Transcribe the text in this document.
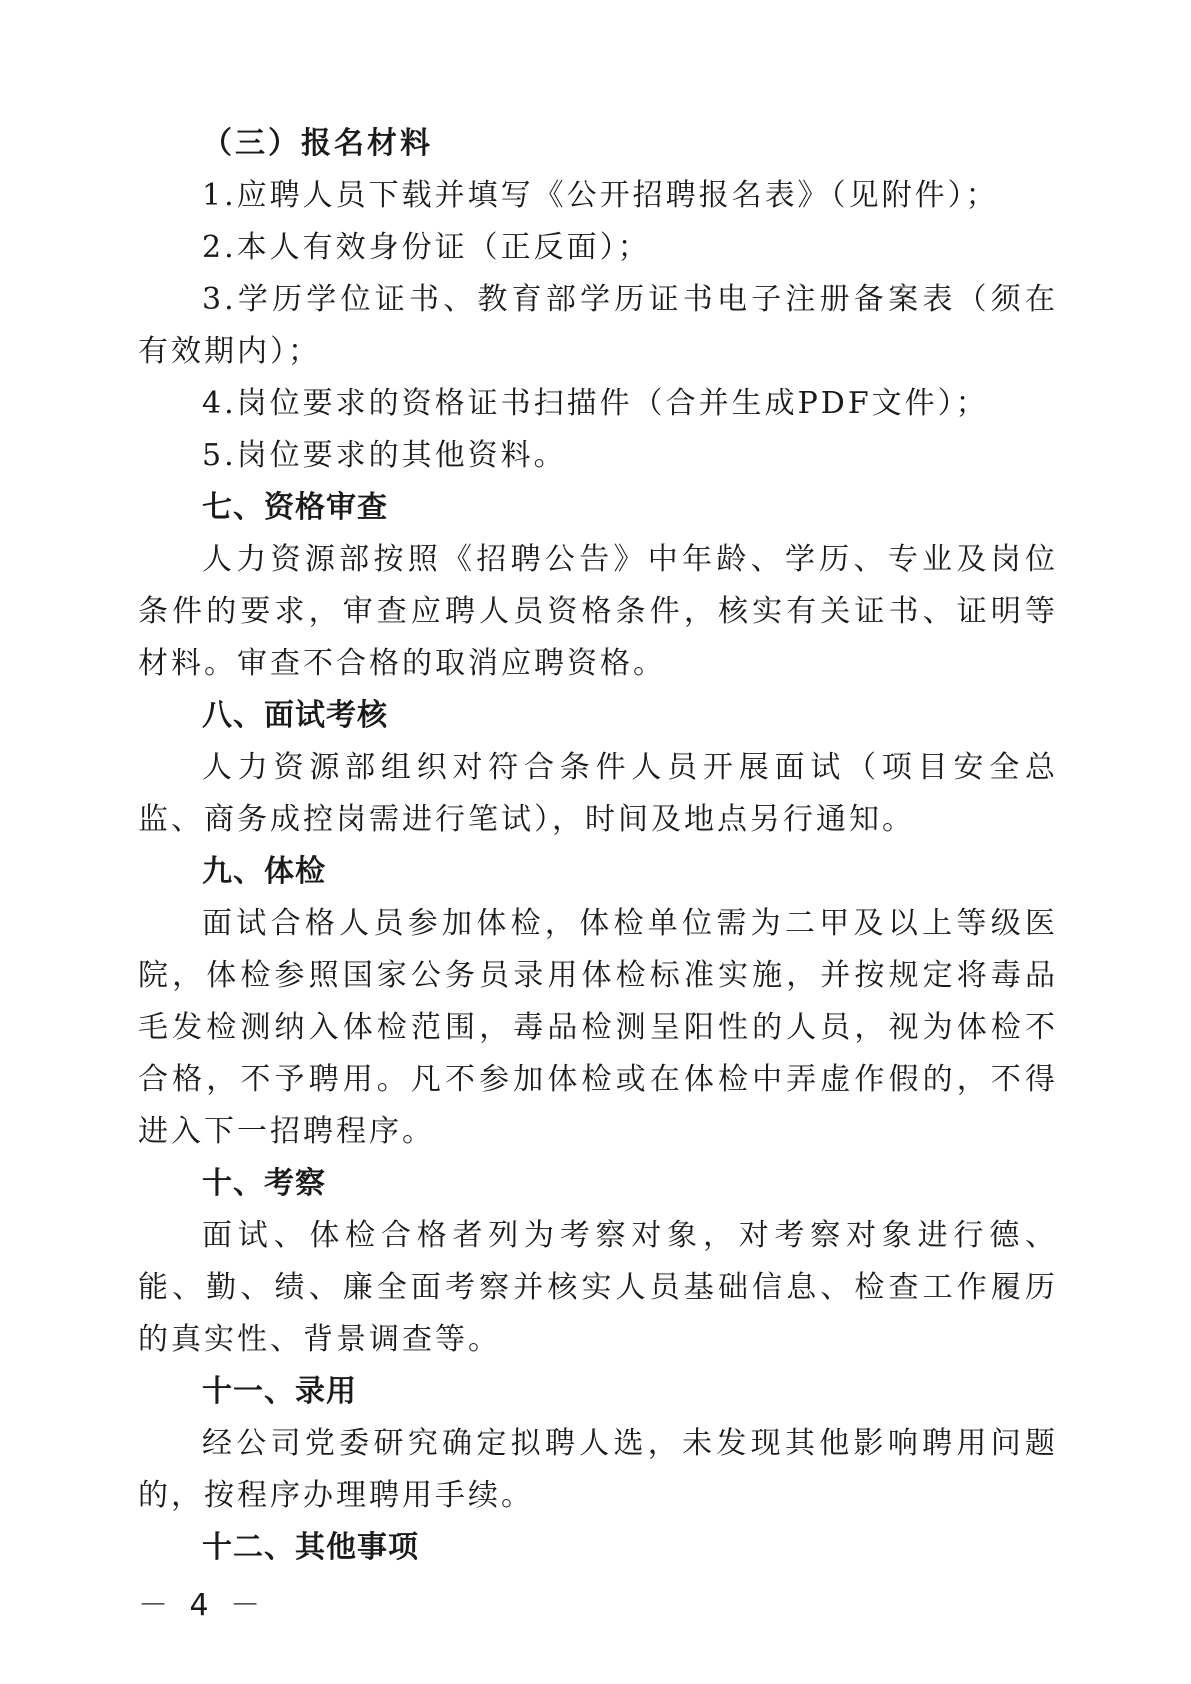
（三）报名材料

1.应聘人员下载并填写《公开招聘报名表》（见附件）；

2.本人有效身份证（正反面）；

3.学历学位证书、教育部学历证书电子注册备案表（须在有效期内）；

4.岗位要求的资格证书扫描件（合并生成PDF文件）；

5.岗位要求的其他资料。

七、资格审查

人力资源部按照《招聘公告》中年龄、学历、专业及岗位条件的要求，审查应聘人员资格条件，核实有关证书、证明等材料。审查不合格的取消应聘资格。

八、面试考核

人力资源部组织对符合条件人员开展面试（项目安全总监、商务成控岗需进行笔试），时间及地点另行通知。

九、体检

面试合格人员参加体检，体检单位需为二甲及以上等级医院，体检参照国家公务员录用体检标准实施，并按规定将毒品毛发检测纳入体检范围，毒品检测呈阳性的人员，视为体检不合格，不予聘用。凡不参加体检或在体检中弄虚作假的，不得进入下一招聘程序。

十、考察

面试、体检合格者列为考察对象，对考察对象进行德、能、勤、绩、廉全面考察并核实人员基础信息、检查工作履历的真实性、背景调查等。

十一、录用

经公司党委研究确定拟聘人选，未发现其他影响聘用问题的，按程序办理聘用手续。

十二、其他事项

－ 4 －
